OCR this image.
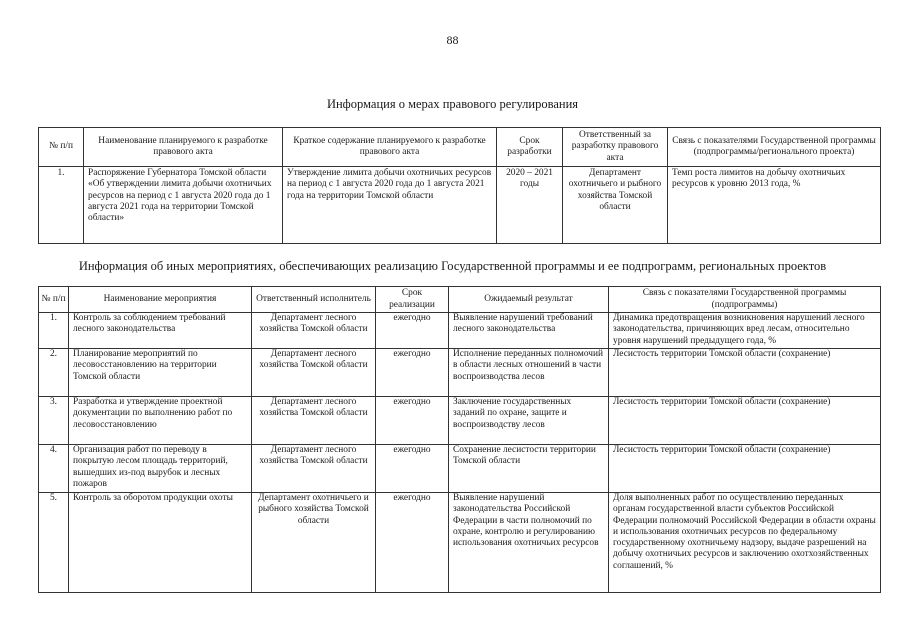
88
Информация о мерах правового регулирования
№ п/п	Наименование планируемого к разработке правового акта	Краткое содержание планируемого к разработке правового акта	Срок разработки	Ответственный за разработку правового акта	Связь с показателями Государственной программы (подпрограммы/регионального проекта)
1.	Распоряжение Губернатора Томской области «Об утверждении лимита добычи охотничьих ресурсов на период с 1 августа 2020 года до 1 августа 2021 года на территории Томской области»	Утверждение лимита добычи охотничьих ресурсов на период с 1 августа 2020 года до 1 августа 2021 года на территории Томской области	2020 – 2021 годы	Департамент охотничьего и рыбного хозяйства Томской области	Темп роста лимитов на добычу охотничьих ресурсов к уровню 2013 года, %
Информация об иных мероприятиях, обеспечивающих реализацию Государственной программы и ее подпрограмм, региональных проектов
№ п/п	Наименование мероприятия	Ответственный исполнитель	Срок реализации	Ожидаемый результат	Связь с показателями Государственной программы (подпрограммы)
1.	Контроль за соблюдением требований лесного законодательства	Департамент лесного хозяйства Томской области	ежегодно	Выявление нарушений требований лесного законодательства	Динамика предотвращения возникновения нарушений лесного законодательства, причиняющих вред лесам, относительно уровня нарушений предыдущего года, %
2.	Планирование мероприятий по лесовосстановлению на территории Томской области	Департамент лесного хозяйства Томской области	ежегодно	Исполнение переданных полномочий в области лесных отношений в части воспроизводства лесов	Лесистость территории Томской области (сохранение)
3.	Разработка и утверждение проектной документации по выполнению работ по лесовосстановлению	Департамент лесного хозяйства Томской области	ежегодно	Заключение государственных заданий по охране, защите и воспроизводству лесов	Лесистость территории Томской области (сохранение)
4.	Организация работ по переводу в покрытую лесом площадь территорий, вышедших из-под вырубок и лесных пожаров	Департамент лесного хозяйства Томской области	ежегодно	Сохранение лесистости территории Томской области	Лесистость территории Томской области (сохранение)
5.	Контроль за оборотом продукции охоты	Департамент охотничьего и рыбного хозяйства Томской области	ежегодно	Выявление нарушений законодательства Российской Федерации в части полномочий по охране, контролю и регулированию использования охотничьих ресурсов	Доля выполненных работ по осуществлению переданных органам государственной власти субъектов Российской Федерации полномочий Российской Федерации в области охраны и использования охотничьих ресурсов по федеральному государственному охотничьему надзору, выдаче разрешений на добычу охотничьих ресурсов и заключению охотхозяйственных соглашений, %
